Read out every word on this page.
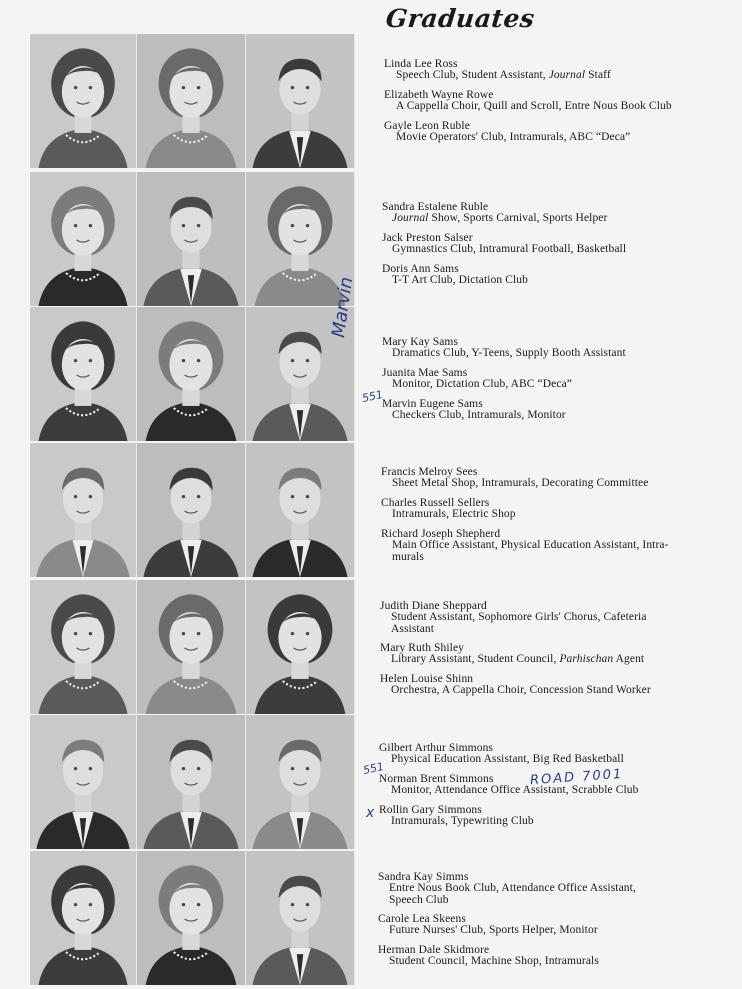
Graduates
Linda Lee Ross
Speech Club, Student Assistant, Journal Staff
Elizabeth Wayne Rowe
A Cappella Choir, Quill and Scroll, Entre Nous Book Club
Gayle Leon Ruble
Movie Operators' Club, Intramurals, ABC “Deca”
Sandra Estalene Ruble
Journal Show, Sports Carnival, Sports Helper
Jack Preston Salser
Gymnastics Club, Intramural Football, Basketball
Doris Ann Sams
T-T Art Club, Dictation Club
Mary Kay Sams
Dramatics Club, Y-Teens, Supply Booth Assistant
Juanita Mae Sams
Monitor, Dictation Club, ABC “Deca”
Marvin Eugene Sams
Checkers Club, Intramurals, Monitor
Francis Melroy Sees
Sheet Metal Shop, Intramurals, Decorating Committee
Charles Russell Sellers
Intramurals, Electric Shop
Richard Joseph Shepherd
Main Office Assistant, Physical Education Assistant, Intra-
murals
Judith Diane Sheppard
Student Assistant, Sophomore Girls' Chorus, Cafeteria
Assistant
Mary Ruth Shiley
Library Assistant, Student Council, Parhischan Agent
Helen Louise Shinn
Orchestra, A Cappella Choir, Concession Stand Worker
Gilbert Arthur Simmons
Physical Education Assistant, Big Red Basketball
Norman Brent Simmons
Monitor, Attendance Office Assistant, Scrabble Club
Rollin Gary Simmons
Intramurals, Typewriting Club
Sandra Kay Simms
Entre Nous Book Club, Attendance Office Assistant,
Speech Club
Carole Lea Skeens
Future Nurses' Club, Sports Helper, Monitor
Herman Dale Skidmore
Student Council, Machine Shop, Intramurals
Marvin
551
551
x
ROAD 7001
